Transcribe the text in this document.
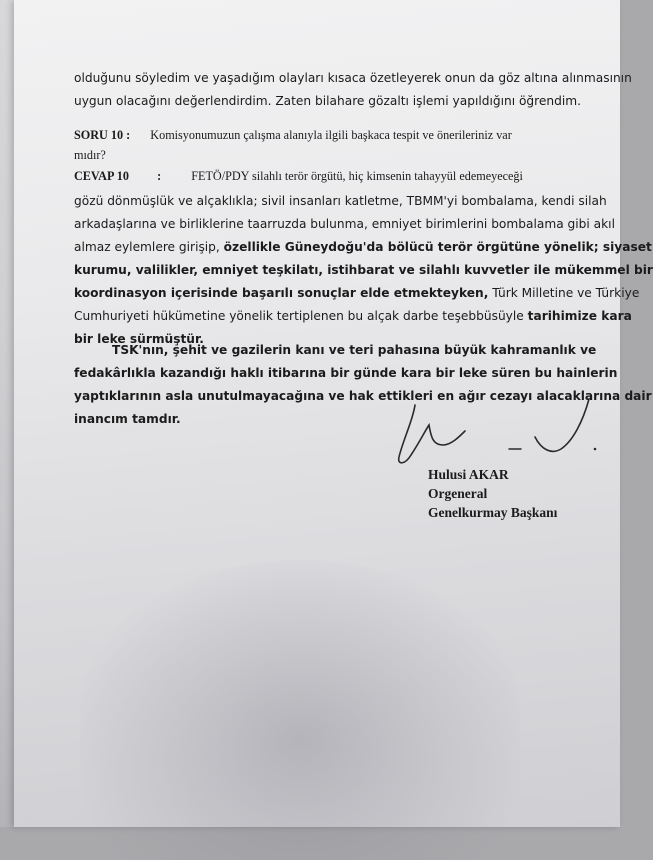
olduğunu söyledim ve yaşadığım olayları kısaca özetleyerek onun da göz altına alınmasının
uygun olacağını değerlendirdim. Zaten bilahare gözaltı işlemi yapıldığını öğrendim.
SORU 10 : Komisyonumuzun çalışma alanıyla ilgili başkaca tespit ve önerileriniz var
mıdır?
CEVAP 10 : FETÖ/PDY silahlı terör örgütü, hiç kimsenin tahayyül edemeyeceği
gözü dönmüşlük ve alçaklıkla; sivil insanları katletme, TBMM'yi bombalama, kendi silah
arkadaşlarına ve birliklerine taarruzda bulunma, emniyet birimlerini bombalama gibi akıl
almaz eylemlere girişip, özellikle Güneydoğu'da bölücü terör örgütüne yönelik; siyaset
kurumu, valilikler, emniyet teşkilatı, istihbarat ve silahlı kuvvetler ile mükemmel bir
koordinasyon içerisinde başarılı sonuçlar elde etmekteyken, Türk Milletine ve Türkiye
Cumhuriyeti hükümetine yönelik tertiplenen bu alçak darbe teşebbüsüyle tarihimize kara
bir leke sürmüştür.
TSK'nın, şehit ve gazilerin kanı ve teri pahasına büyük kahramanlık ve
fedakârlıkla kazandığı haklı itibarına bir günde kara bir leke süren bu hainlerin
yaptıklarının asla unutulmayacağına ve hak ettikleri en ağır cezayı alacaklarına dair
inancım tamdır.
Hulusi AKAR
Orgeneral
Genelkurmay Başkanı
